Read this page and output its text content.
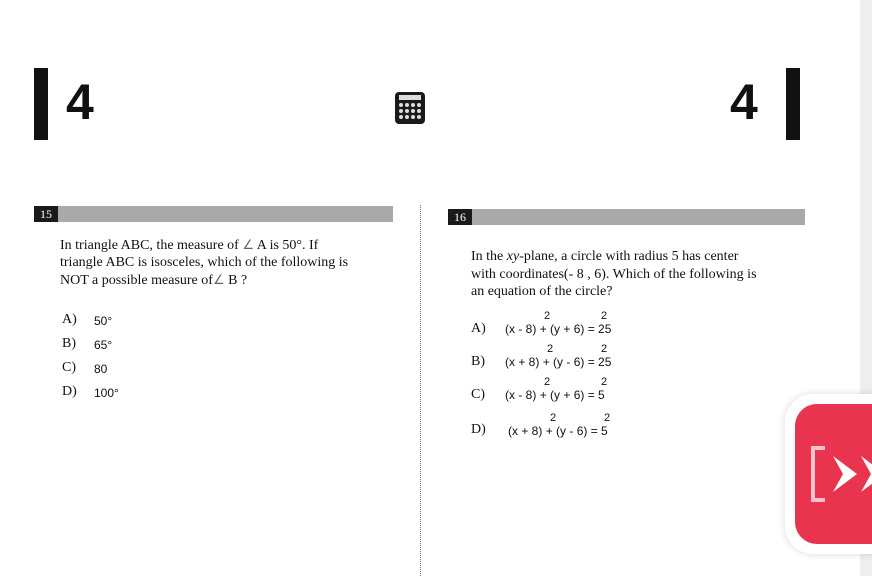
4	4
15
In triangle ABC, the measure of ∠ A is 50°. If
triangle ABC is isosceles, which of the following is
NOT a possible measure of∠ B ?
A) 50°
B) 65°
C) 80
D) 100°
16
In the xy-plane, a circle with radius 5 has center
with coordinates(- 8 , 6). Which of the following is
an equation of the circle?
A)
2	2
(x - 8) + (y + 6) = 25
B)
2	2
(x + 8) + (y - 6) = 25
C)
2	2
(x - 8) + (y + 6) = 5
D)
2	2
(x + 8) + (y - 6) = 5
